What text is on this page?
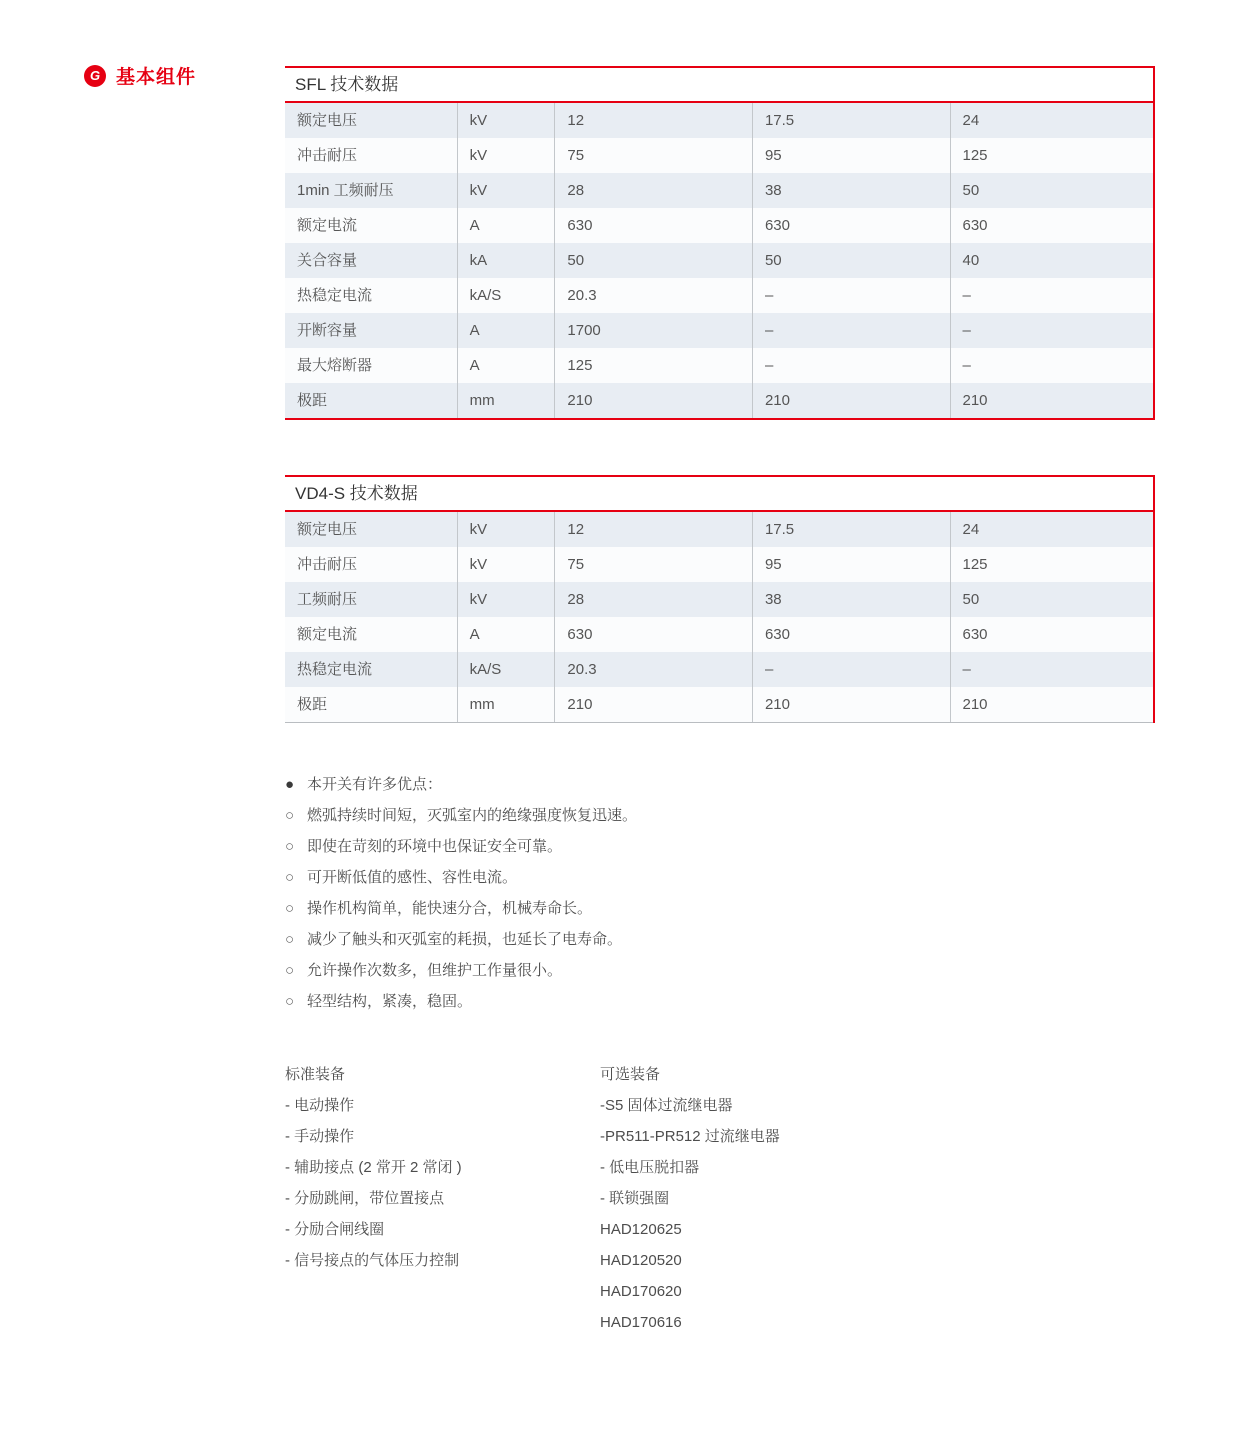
G 基本组件	SFL 技术数据
额定电压	kV	12	17.5	24
冲击耐压	kV	75	95	125
1min 工频耐压	kV	28	38	50
额定电流	A	630	630	630
关合容量	kA	50	50	40
热稳定电流	kA/S	20.3	–	–
开断容量	A	1700	–	–
最大熔断器	A	125	–	–
极距	mm	210	210	210
VD4-S 技术数据
额定电压	kV	12	17.5	24
冲击耐压	kV	75	95	125
工频耐压	kV	28	38	50
额定电流	A	630	630	630
热稳定电流	kA/S	20.3	–	–
极距	mm	210	210	210
● 本开关有许多优点：
○ 燃弧持续时间短，灭弧室内的绝缘强度恢复迅速。
○ 即使在苛刻的环境中也保证安全可靠。
○ 可开断低值的感性、容性电流。
○ 操作机构简单，能快速分合，机械寿命长。
○ 减少了触头和灭弧室的耗损，也延长了电寿命。
○ 允许操作次数多，但维护工作量很小。
○ 轻型结构，紧凑，稳固。
标准装备
- 电动操作
- 手动操作
- 辅助接点 (2 常开 2 常闭 )
- 分励跳闸，带位置接点
- 分励合闸线圈
- 信号接点的气体压力控制
可选装备
-S5 固体过流继电器
-PR511-PR512 过流继电器
- 低电压脱扣器
- 联锁强圈
HAD120625
HAD120520
HAD170620
HAD170616
